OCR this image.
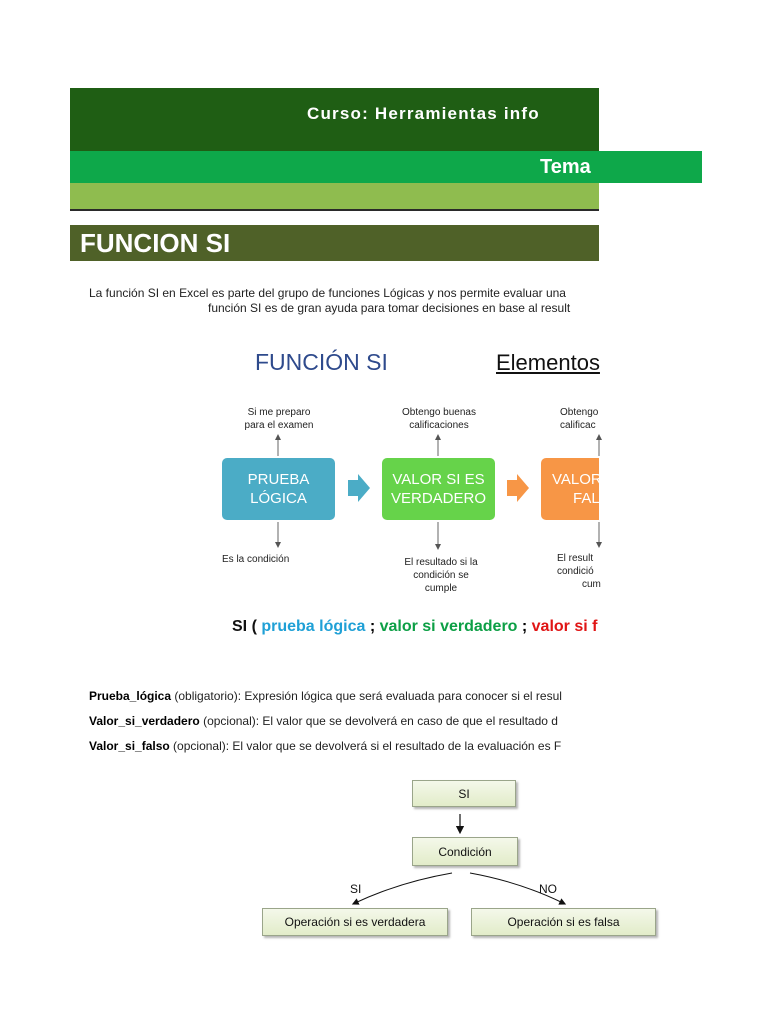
Curso: Herramientas info
Tema
FUNCION SI
La función SI en Excel es parte del grupo de funciones Lógicas y nos permite evaluar una
función SI es de gran ayuda para tomar decisiones en base al result
FUNCIÓN SI	Elementos
Si me preparo
para el examen
Obtengo buenas
calificaciones
Obtengo
calificac
PRUEBA
LÓGICA
VALOR SI ES
VERDADERO
VALOR SI ES
FALSO
Es la condición	El resultado si la
condición se
cumple
El result
condició
cum
SI ( prueba lógica ; valor si verdadero ; valor si f
Prueba_lógica (obligatorio): Expresión lógica que será evaluada para conocer si el resul
Valor_si_verdadero (opcional): El valor que se devolverá en caso de que el resultado d
Valor_si_falso (opcional): El valor que se devolverá si el resultado de la evaluación es F
SI
Condición
SI	NO
Operación si es verdadera	Operación si es falsa
